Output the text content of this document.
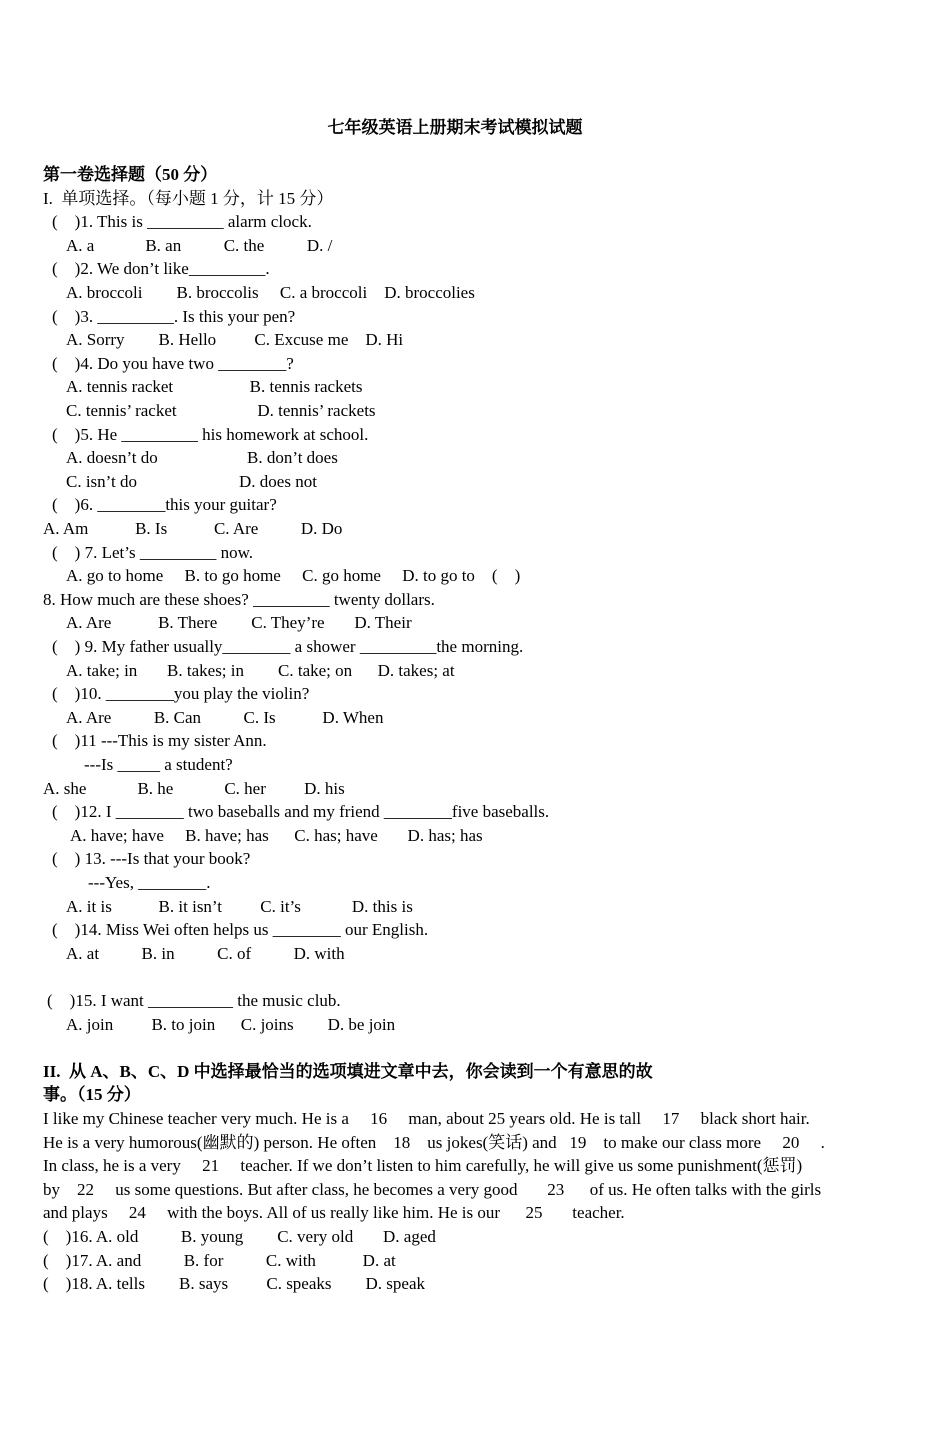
七年级英语上册期末考试模拟试题
第一卷选择题（50 分）
I.  单项选择。（每小题 1 分，计 15 分）
(    )1. This is _________ alarm clock.
A. a            B. an          C. the          D. /
(    )2. We don’t like_________.
A. broccoli        B. broccolis     C. a broccoli    D. broccolies
(    )3. _________. Is this your pen?
A. Sorry        B. Hello         C. Excuse me    D. Hi
(    )4. Do you have two ________?
A. tennis racket                  B. tennis rackets
C. tennis’ racket                   D. tennis’ rackets
(    )5. He _________ his homework at school.
A. doesn’t do                     B. don’t does
C. isn’t do                        D. does not
(    )6. ________this your guitar?
A. Am           B. Is           C. Are          D. Do
(    ) 7. Let’s _________ now.
A. go to home     B. to go home     C. go home     D. to go to    (    )
8. How much are these shoes? _________ twenty dollars.
A. Are           B. There        C. They’re       D. Their
(    ) 9. My father usually________ a shower _________the morning.
A. take; in       B. takes; in        C. take; on      D. takes; at
(    )10. ________you play the violin?
A. Are          B. Can          C. Is           D. When
(    )11 ---This is my sister Ann.
---Is _____ a student?
A. she            B. he            C. her         D. his
(    )12. I ________ two baseballs and my friend ________five baseballs.
A. have; have     B. have; has      C. has; have       D. has; has
(    ) 13. ---Is that your book?
---Yes, ________.
A. it is           B. it isn’t         C. it’s            D. this is
(    )14. Miss Wei often helps us ________ our English.
A. at          B. in          C. of          D. with
(    )15. I want __________ the music club.
A. join         B. to join      C. joins        D. be join
II.  从 A、B、C、D 中选择最恰当的选项填进文章中去，你会读到一个有意思的故
事。（15 分）
I like my Chinese teacher very much. He is a     16     man, about 25 years old. He is tall     17     black short hair.
He is a very humorous(幽默的) person. He often    18    us jokes(笑话) and   19    to make our class more     20     .
In class, he is a very     21     teacher. If we don’t listen to him carefully, he will give us some punishment(惩罚)
by    22     us some questions. But after class, he becomes a very good       23      of us. He often talks with the girls
and plays     24     with the boys. All of us really like him. He is our      25       teacher.
(    )16. A. old          B. young        C. very old       D. aged
(    )17. A. and          B. for          C. with           D. at
(    )18. A. tells        B. says         C. speaks        D. speak
